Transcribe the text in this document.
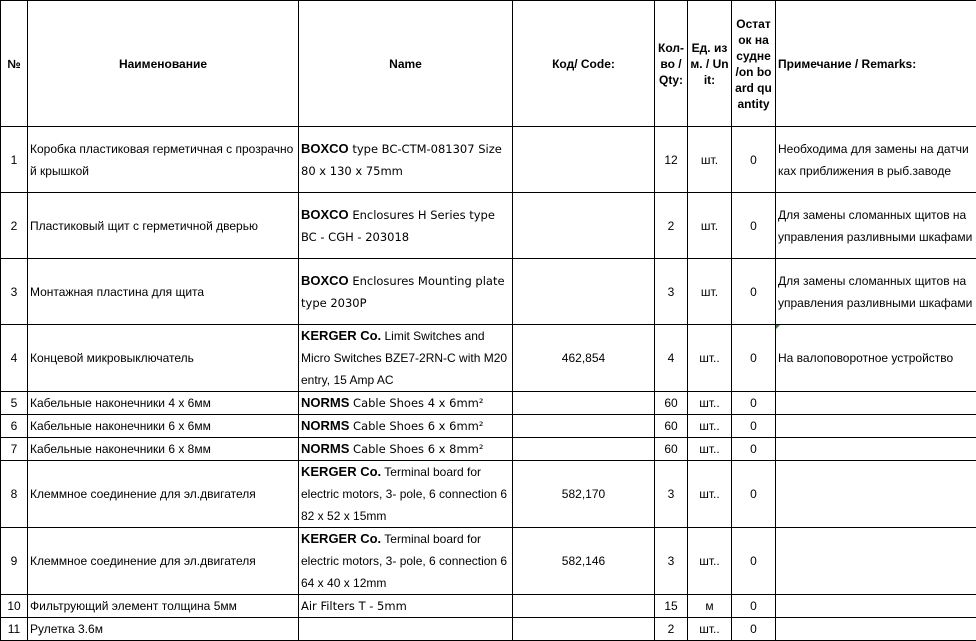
№	Наименование	Name	Код/ Code:	Кол-во / Qty:	Ед. изм. / Unit:	Остаток на судне /on board quantity	Примечание / Remarks:
1	Коробка пластиковая герметичная с прозрачной крышкой	BOXCO type BC-CTM-081307 Size 80 x 130 x 75mm		12	шт.	0	Необходима для замены на датчиках приближения в рыб.заводе
2	Пластиковый щит с герметичной дверью	BOXCO Enclosures H Series type BC - CGH - 203018		2	шт.	0	Для замены сломанных щитов на управления разливными шкафами
3	Монтажная пластина для щита	BOXCO Enclosures Mounting plate type 2030P		3	шт.	0	Для замены сломанных щитов на управления разливными шкафами
4	Концевой микровыключатель	KERGER Co. Limit Switches and Micro Switches BZE7-2RN-C with M20 entry, 15 Amp AC	462,854	4	шт..	0	На валоповоротное устройство
5	Кабельные наконечники 4 x 6мм	NORMS Cable Shoes 4 x 6mm²		60	шт..	0	
6	Кабельные наконечники 6 x 6мм	NORMS Cable Shoes 6 x 6mm²		60	шт..	0	
7	Кабельные наконечники 6 x 8мм	NORMS Cable Shoes 6 x 8mm²		60	шт..	0	
8	Клеммное соединение для эл.двигателя	KERGER Co. Terminal board for electric motors, 3- pole, 6 connection 6 82 x 52 x 15mm	582,170	3	шт..	0	
9	Клеммное соединение для эл.двигателя	KERGER Co. Terminal board for electric motors, 3- pole, 6 connection 6 64 x 40 x 12mm	582,146	3	шт..	0	
10	Фильтрующий элемент толщина 5мм	Air Filters T - 5mm		15	м	0	
11	Рулетка 3.6м			2	шт..	0	
